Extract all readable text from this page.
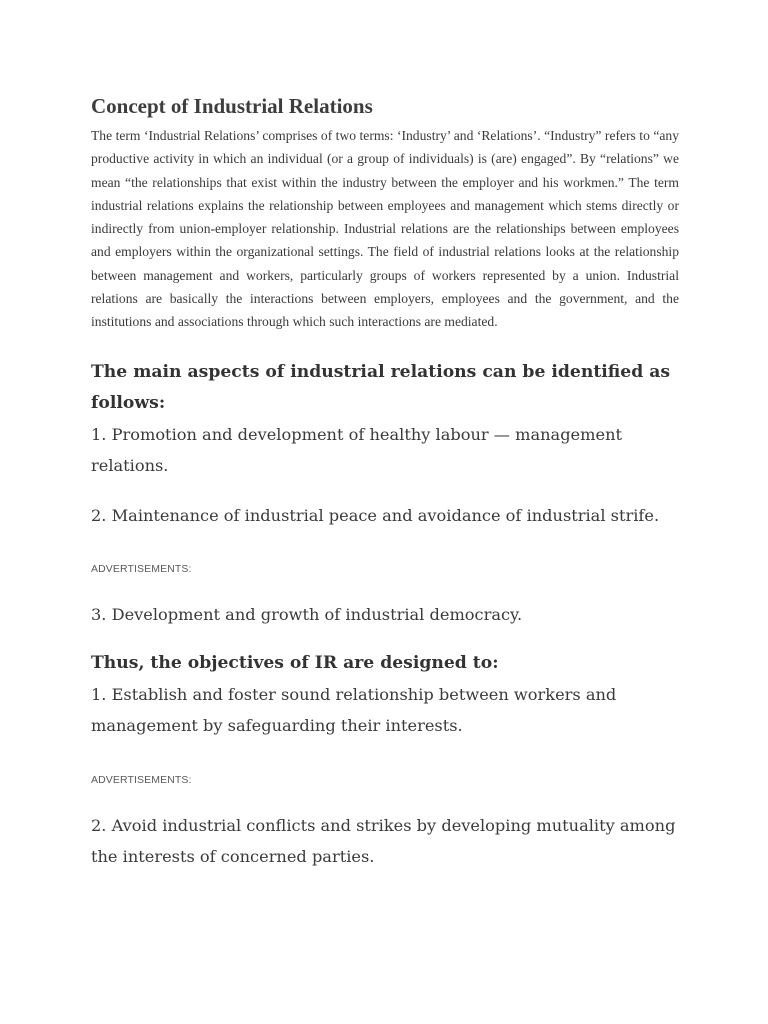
Concept of Industrial Relations

The term ‘Industrial Relations’ comprises of two terms: ‘Industry’ and ‘Relations’. “Industry” refers to “any productive activity in which an individual (or a group of individuals) is (are) engaged”. By “relations” we mean “the relationships that exist within the industry between the employer and his workmen.” The term industrial relations explains the relationship between employees and management which stems directly or indirectly from union-employer relationship. Industrial relations are the relationships between employees and employers within the organizational settings. The field of industrial relations looks at the relationship between management and workers, particularly groups of workers represented by a union. Industrial relations are basically the interactions between employers, employees and the government, and the institutions and associations through which such interactions are mediated.

The main aspects of industrial relations can be identified as follows:

1. Promotion and development of healthy labour — management relations.

2. Maintenance of industrial peace and avoidance of industrial strife.

ADVERTISEMENTS:

3. Development and growth of industrial democracy.

Thus, the objectives of IR are designed to:

1. Establish and foster sound relationship between workers and management by safeguarding their interests.

ADVERTISEMENTS:

2. Avoid industrial conflicts and strikes by developing mutuality among the interests of concerned parties.
